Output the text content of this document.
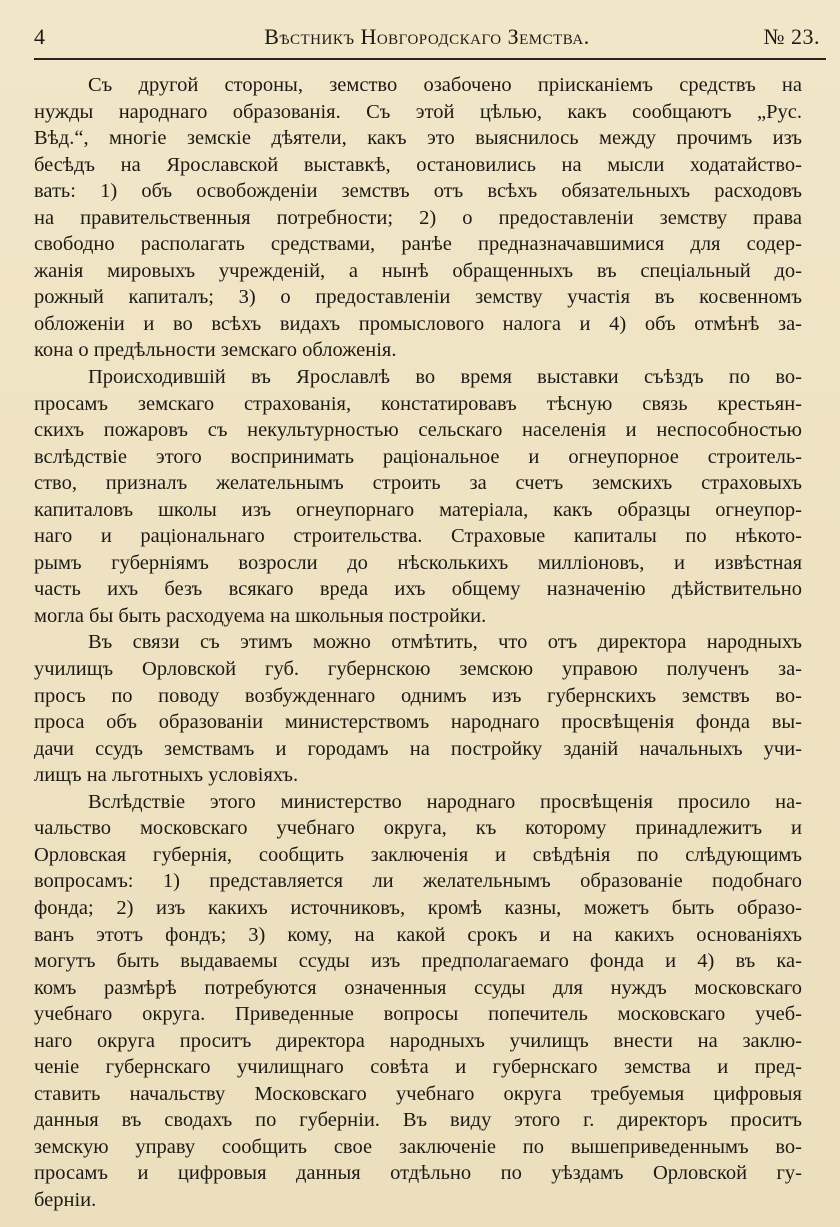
4	Вѣстникъ Новгородскаго Земства.	№ 23.
Съ другой стороны, земство озабочено прiисканiемъ средствъ на
нужды народнаго образованія. Съ этой цѣлью, какъ сообщаютъ „Рус.
Вѣд.“, многіе земскіе дѣятели, какъ это выяснилось между прочимъ изъ
бесѣдъ на Ярославской выставкѣ, остановились на мысли ходатайство-
вать: 1) объ освобожденіи земствъ отъ всѣхъ обязательныхъ расходовъ
на правительственныя потребности; 2) о предоставленіи земству права
свободно располагать средствами, ранѣе предназначавшимися для содер-
жанія мировыхъ учрежденій, а нынѣ обращенныхъ въ спеціальный до-
рожный капиталъ; 3) о предоставленіи земству участія въ косвенномъ
обложеніи и во всѣхъ видахъ промыслового налога и 4) объ отмѣнѣ за-
кона о предѣльности земскаго обложенія.
Происходившій въ Ярославлѣ во время выставки съѣздъ по во-
просамъ земскаго страхованія, констатировавъ тѣсную связь крестьян-
скихъ пожаровъ съ некультурностью сельскаго населенія и неспособностью
вслѣдствіе этого воспринимать раціональное и огнеупорное строитель-
ство, призналъ желательнымъ строить за счетъ земскихъ страховыхъ
капиталовъ школы изъ огнеупорнаго матеріала, какъ образцы огнеупор-
наго и раціональнаго строительства. Страховые капиталы по нѣкото-
рымъ губерніямъ возросли до нѣсколькихъ милліоновъ, и извѣстная
часть ихъ безъ всякаго вреда ихъ общему назначенію дѣйствительно
могла бы быть расходуема на школьныя постройки.
Въ связи съ этимъ можно отмѣтить, что отъ директора народныхъ
училищъ Орловской губ. губернскою земскою управою полученъ за-
просъ по поводу возбужденнаго однимъ изъ губернскихъ земствъ во-
проса объ образованіи министерствомъ народнаго просвѣщенія фонда вы-
дачи ссудъ земствамъ и городамъ на постройку зданій начальныхъ учи-
лищъ на льготныхъ условіяхъ.
Вслѣдствіе этого министерство народнаго просвѣщенія просило на-
чальство московскаго учебнаго округа, къ которому принадлежитъ и
Орловская губернія, сообщить заключенія и свѣдѣнія по слѣдующимъ
вопросамъ: 1) представляется ли желательнымъ образованіе подобнаго
фонда; 2) изъ какихъ источниковъ, кромѣ казны, можетъ быть образо-
ванъ этотъ фондъ; 3) кому, на какой срокъ и на какихъ основаніяхъ
могутъ быть выдаваемы ссуды изъ предполагаемаго фонда и 4) въ ка-
комъ размѣрѣ потребуются означенныя ссуды для нуждъ московскаго
учебнаго округа. Приведенные вопросы попечитель московскаго учеб-
наго округа проситъ директора народныхъ училищъ внести на заклю-
ченіе губернскаго училищнаго совѣта и губернскаго земства и пред-
ставить начальству Московскаго учебнаго округа требуемыя цифровыя
данныя въ сводахъ по губерніи. Въ виду этого г. директоръ проситъ
земскую управу сообщить свое заключеніе по вышеприведеннымъ во-
просамъ и цифровыя данныя отдѣльно по уѣздамъ Орловской гу-
берніи.
